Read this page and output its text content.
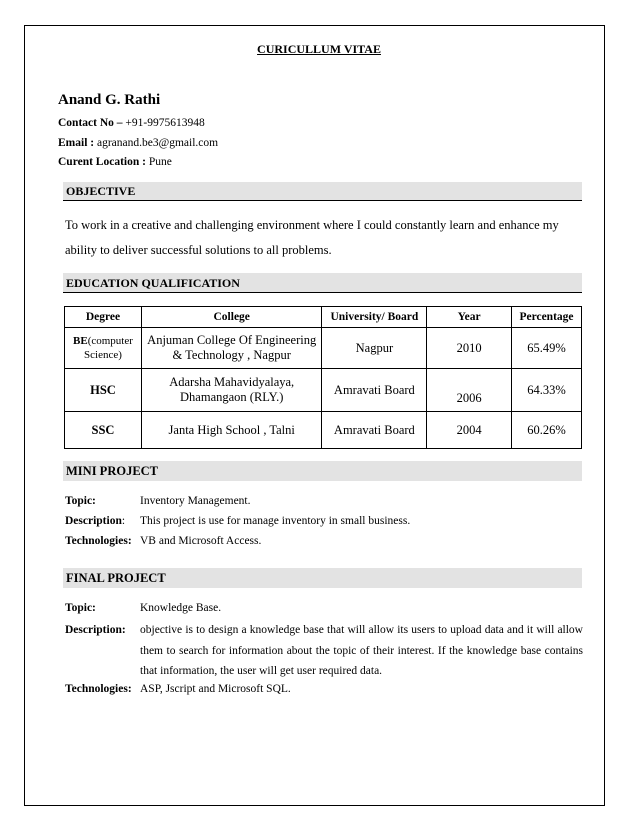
CURICULLUM VITAE
Anand G. Rathi
Contact No – +91-9975613948
Email : agranand.be3@gmail.com
Curent Location : Pune
OBJECTIVE
To work in a creative and challenging environment where I could constantly learn and enhance my ability to deliver successful solutions to all problems.
EDUCATION QUALIFICATION
Degree	College	University/ Board	Year	Percentage
BE(computer Science)	Anjuman College Of Engineering & Technology , Nagpur	Nagpur	2010	65.49%
HSC	Adarsha Mahavidyalaya, Dhamangaon (RLY.)	Amravati Board	2006	64.33%
SSC	Janta High School , Talni	Amravati Board	2004	60.26%
MINI PROJECT
Topic:	Inventory Management.
Description: This project is use for manage inventory in small business.
Technologies: VB and Microsoft Access.
FINAL PROJECT
Topic:	Knowledge Base.
Description: objective is to design a knowledge base that will allow its users to upload data and it will allow them to search for information about the topic of their interest. If the knowledge base contains that information, the user will get user required data.
Technologies: ASP, Jscript and Microsoft SQL.
